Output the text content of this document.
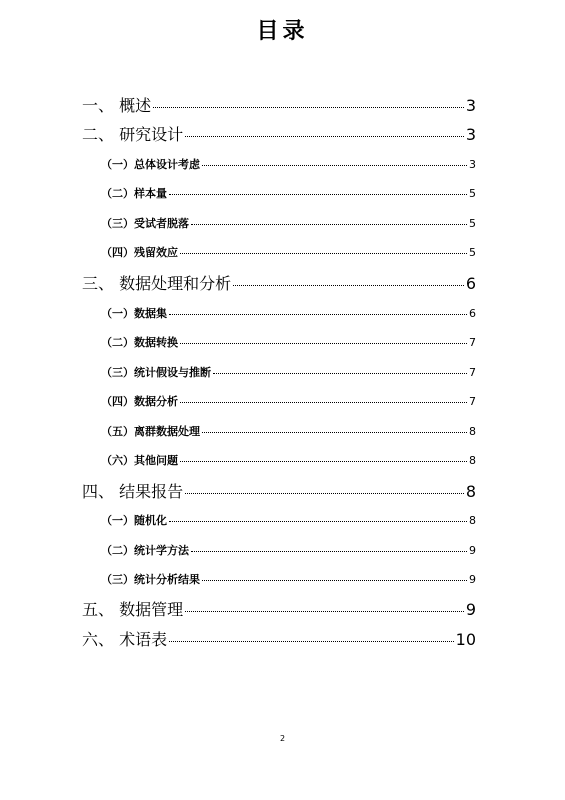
目录
一、 概述	3
二、 研究设计	3
（一）总体设计考虑	3
（二）样本量	5
（三）受试者脱落	5
（四）残留效应	5
三、 数据处理和分析	6
（一）数据集	6
（二）数据转换	7
（三）统计假设与推断	7
（四）数据分析	7
（五）离群数据处理	8
（六）其他问题	8
四、 结果报告	8
（一）随机化	8
（二）统计学方法	9
（三）统计分析结果	9
五、 数据管理	9
六、 术语表	10
2
